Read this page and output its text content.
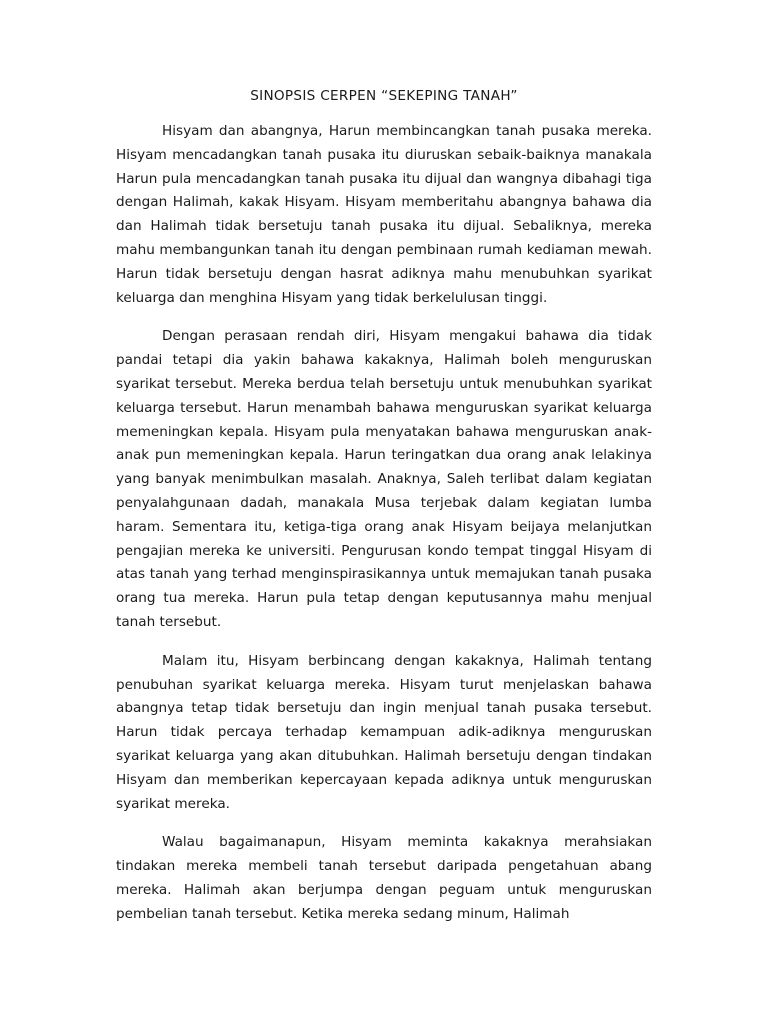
SINOPSIS CERPEN “SEKEPING TANAH”

Hisyam dan abangnya, Harun membincangkan tanah pusaka mereka. Hisyam mencadangkan tanah pusaka itu diuruskan sebaik-baiknya manakala Harun pula mencadangkan tanah pusaka itu dijual dan wangnya dibahagi tiga dengan Halimah, kakak Hisyam. Hisyam memberitahu abangnya bahawa dia dan Halimah tidak bersetuju tanah pusaka itu dijual. Sebaliknya, mereka mahu membangunkan tanah itu dengan pembinaan rumah kediaman mewah. Harun tidak bersetuju dengan hasrat adiknya mahu menubuhkan syarikat keluarga dan menghina Hisyam yang tidak berkelulusan tinggi.

Dengan perasaan rendah diri, Hisyam mengakui bahawa dia tidak pandai tetapi dia yakin bahawa kakaknya, Halimah boleh menguruskan syarikat tersebut. Mereka berdua telah bersetuju untuk menubuhkan syarikat keluarga tersebut. Harun menambah bahawa menguruskan syarikat keluarga memeningkan kepala. Hisyam pula menyatakan bahawa menguruskan anak-anak pun memeningkan kepala. Harun teringatkan dua orang anak lelakinya yang banyak menimbulkan masalah. Anaknya, Saleh terlibat dalam kegiatan penyalahgunaan dadah, manakala Musa terjebak dalam kegiatan lumba haram. Sementara itu, ketiga-tiga orang anak Hisyam beijaya melanjutkan pengajian mereka ke universiti. Pengurusan kondo tempat tinggal Hisyam di atas tanah yang terhad menginspirasikannya untuk memajukan tanah pusaka orang tua mereka. Harun pula tetap dengan keputusannya mahu menjual tanah tersebut.

Malam itu, Hisyam berbincang dengan kakaknya, Halimah tentang penubuhan syarikat keluarga mereka. Hisyam turut menjelaskan bahawa abangnya tetap tidak bersetuju dan ingin menjual tanah pusaka tersebut. Harun tidak percaya terhadap kemampuan adik-adiknya menguruskan syarikat keluarga yang akan ditubuhkan. Halimah bersetuju dengan tindakan Hisyam dan memberikan kepercayaan kepada adiknya untuk menguruskan syarikat mereka.

Walau bagaimanapun, Hisyam meminta kakaknya merahsiakan tindakan mereka membeli tanah tersebut daripada pengetahuan abang mereka. Halimah akan berjumpa dengan peguam untuk menguruskan pembelian tanah tersebut. Ketika mereka sedang minum, Halimah
